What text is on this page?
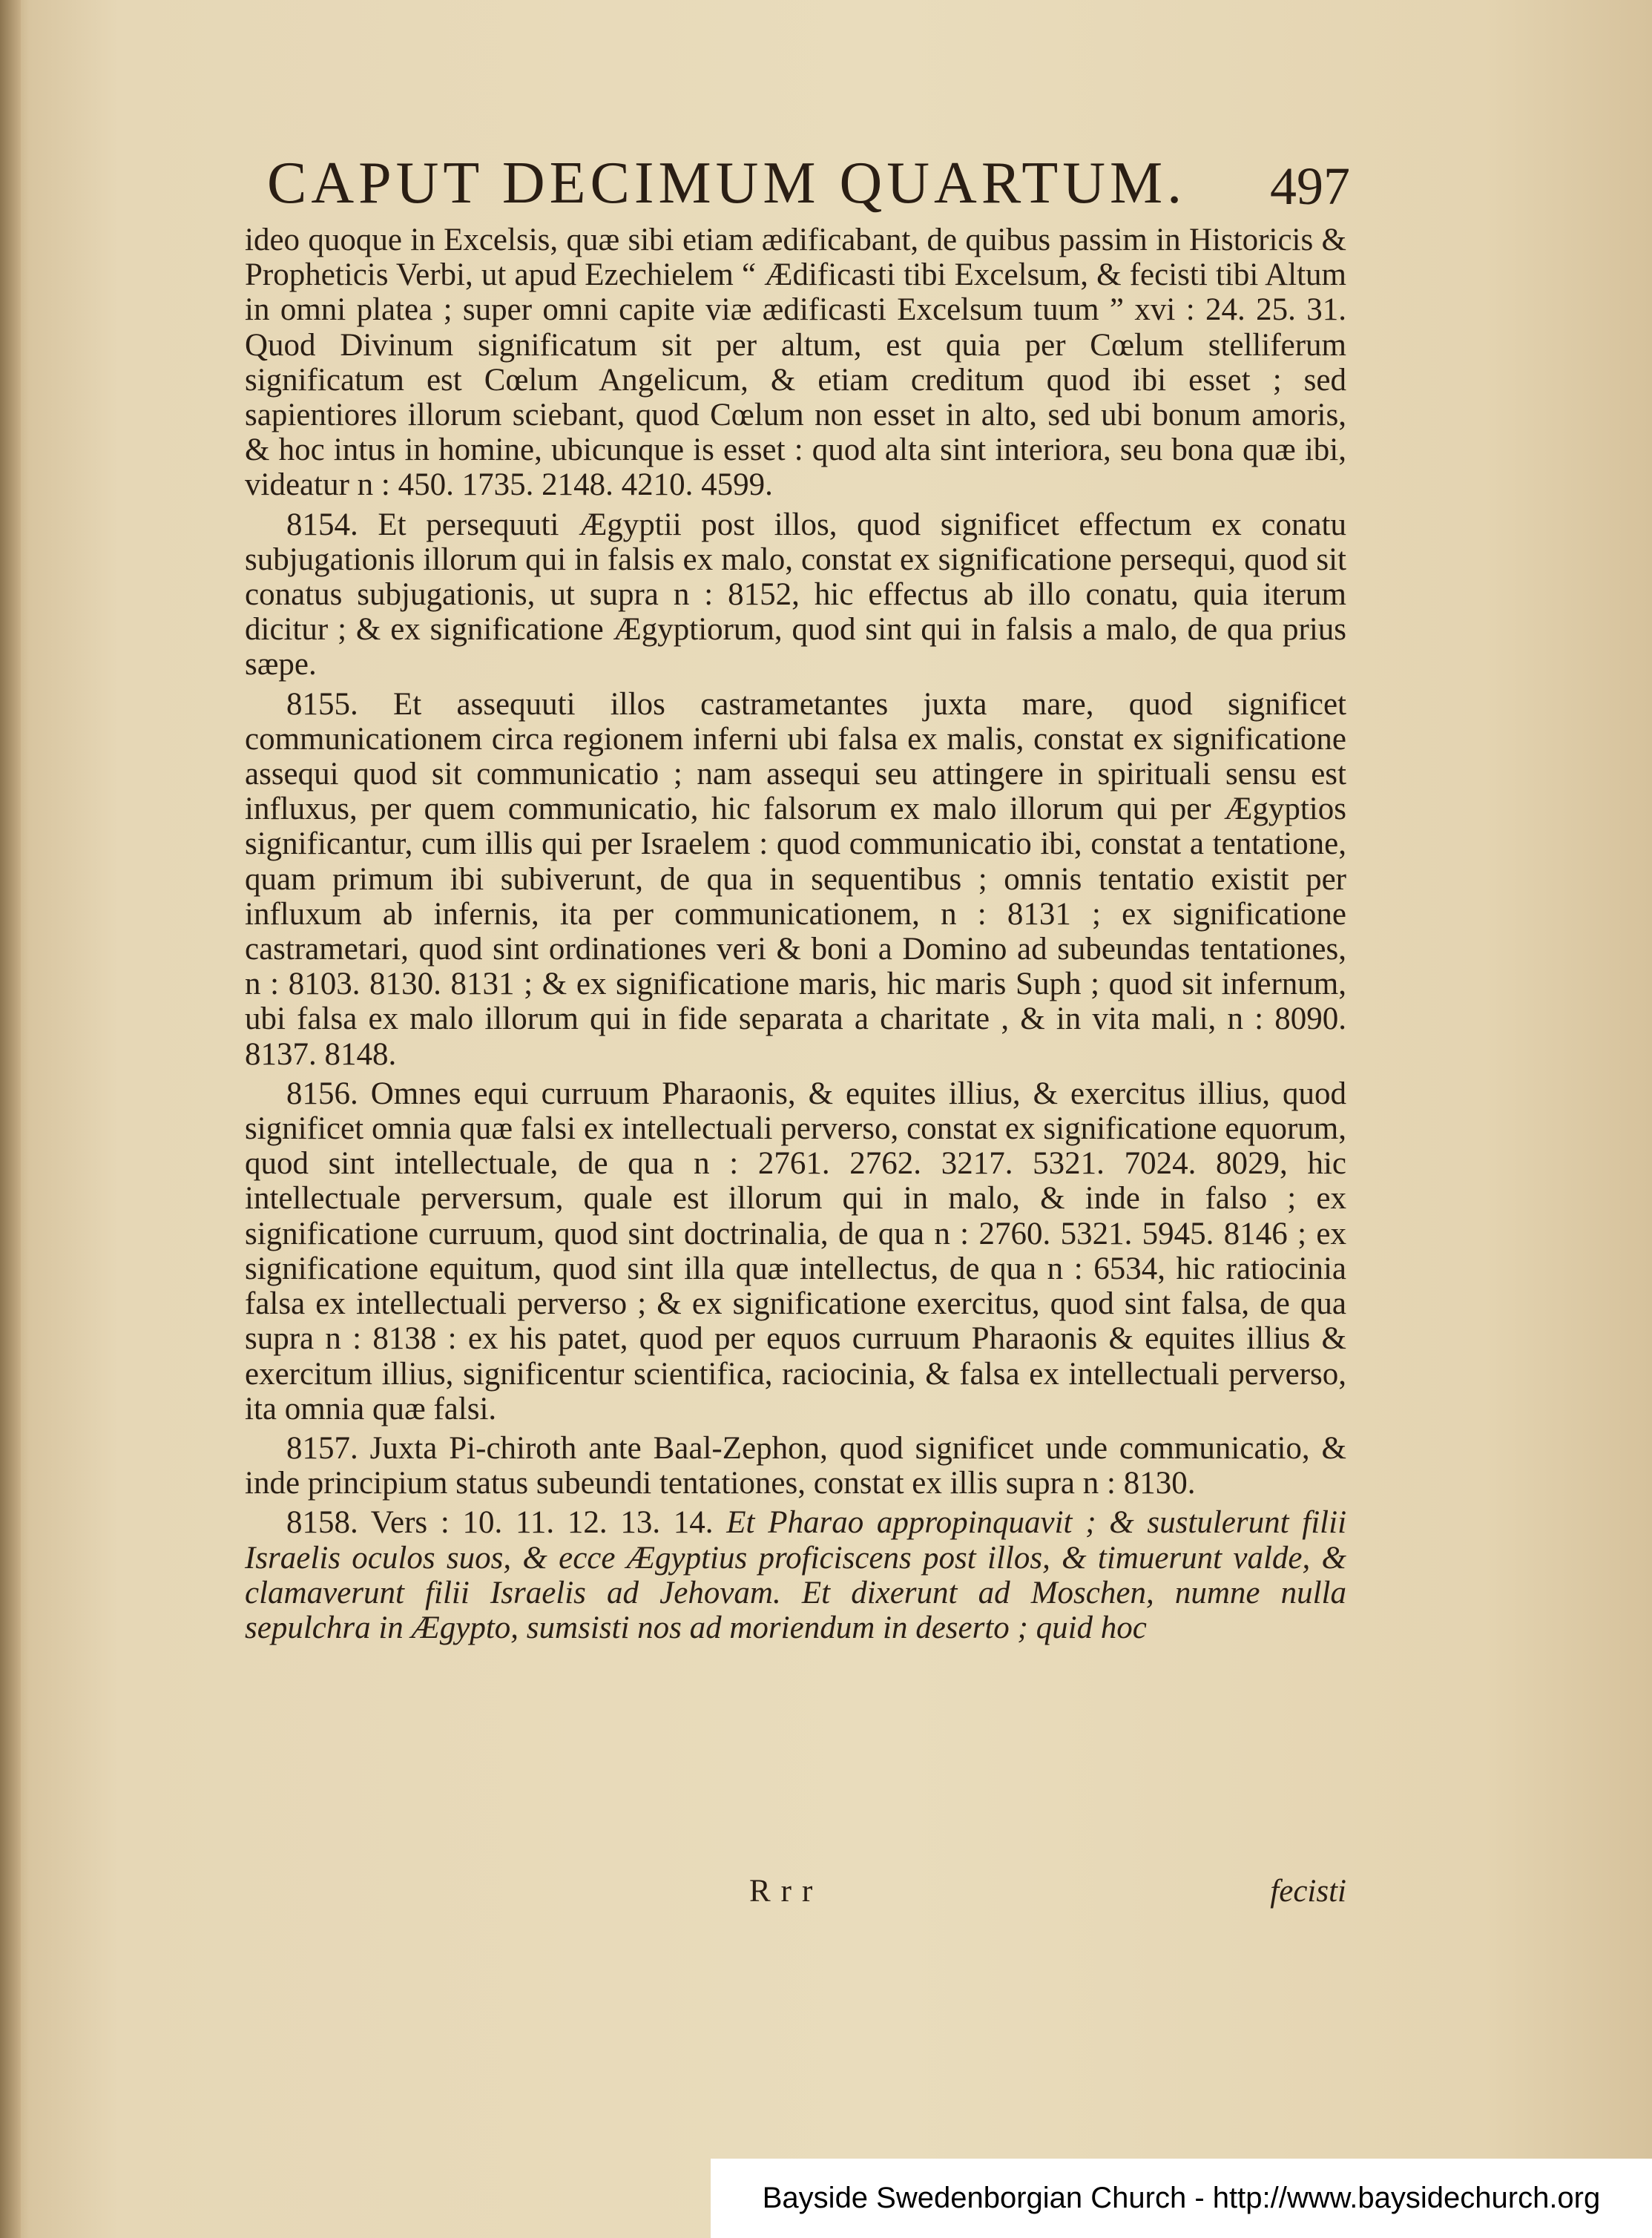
CAPUT DECIMUM QUARTUM. 497

ideo quoque in Excelsis, quæ sibi etiam ædificabant, de quibus passim in Historicis & Propheticis Verbi, ut apud Ezechielem “ Ædificasti tibi Excelsum, & fecisti tibi Altum in omni platea ; super omni capite viæ ædificasti Excelsum tuum ” xvi : 24. 25. 31. Quod Divinum significatum sit per altum, est quia per Cœlum stelliferum significatum est Cœlum Angelicum, & etiam creditum quod ibi esset ; sed sapientiores illorum sciebant, quod Cœlum non esset in alto, sed ubi bonum amoris, & hoc intus in homine, ubicunque is esset : quod alta sint interiora, seu bona quæ ibi, videatur n : 450. 1735. 2148. 4210. 4599.

8154. Et persequuti Ægyptii post illos, quod significet effectum ex conatu subjugationis illorum qui in falsis ex malo, constat ex significatione persequi, quod sit conatus subjugationis, ut supra n : 8152, hic effectus ab illo conatu, quia iterum dicitur ; & ex significatione Ægyptiorum, quod sint qui in falsis a malo, de qua prius sæpe.

8155. Et assequuti illos castrametantes juxta mare, quod significet communicationem circa regionem inferni ubi falsa ex malis, constat ex significatione assequi quod sit communicatio ; nam assequi seu attingere in spirituali sensu est influxus, per quem communicatio, hic falsorum ex malo illorum qui per Ægyptios significantur, cum illis qui per Israelem : quod communicatio ibi, constat a tentatione, quam primum ibi subiverunt, de qua in sequentibus ; omnis tentatio existit per influxum ab infernis, ita per communicationem, n : 8131 ; ex significatione castrametari, quod sint ordinationes veri & boni a Domino ad subeundas tentationes, n : 8103. 8130. 8131 ; & ex significatione maris, hic maris Suph ; quod sit infernum, ubi falsa ex malo illorum qui in fide separata a charitate , & in vita mali, n : 8090. 8137. 8148.

8156. Omnes equi curruum Pharaonis, & equites illius, & exercitus illius, quod significet omnia quæ falsi ex intellectuali perverso, constat ex significatione equorum, quod sint intellectuale, de qua n : 2761. 2762. 3217. 5321. 7024. 8029, hic intellectuale perversum, quale est illorum qui in malo, & inde in falso ; ex significatione curruum, quod sint doctrinalia, de qua n : 2760. 5321. 5945. 8146 ; ex significatione equitum, quod sint illa quæ intellectus, de qua n : 6534, hic ratiocinia falsa ex intellectuali perverso ; & ex significatione exercitus, quod sint falsa, de qua supra n : 8138 : ex his patet, quod per equos curruum Pharaonis & equites illius & exercitum illius, significentur scientifica, raciocinia, & falsa ex intellectuali perverso, ita omnia quæ falsi.

8157. Juxta Pi-chiroth ante Baal-Zephon, quod significet unde communicatio, & inde principium status subeundi tentationes, constat ex illis supra n : 8130.

8158. Vers : 10. 11. 12. 13. 14. Et Pharao appropinquavit ; & sustulerunt filii Israelis oculos suos, & ecce Ægyptius proficiscens post illos, & timuerunt valde, & clamaverunt filii Israelis ad Jehovam. Et dixerunt ad Moschen, numne nulla sepulchra in Ægypto, sumsisti nos ad moriendum in deserto ; quid hoc

Rrr	fecisti
Bayside Swedenborgian Church - http://www.baysidechurch.org
